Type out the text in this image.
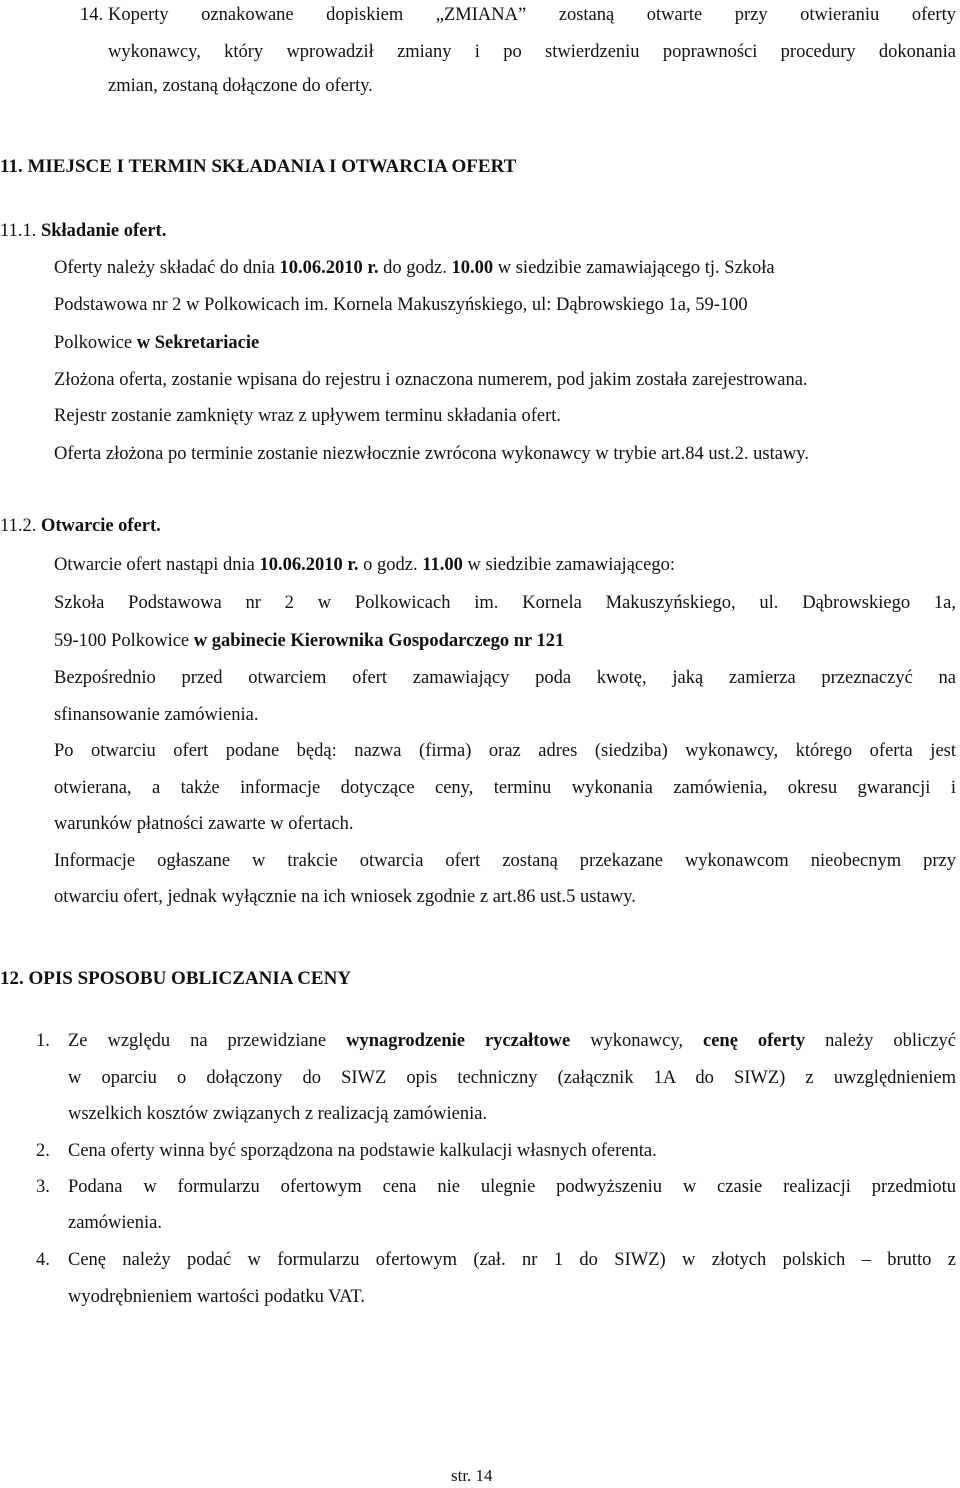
14. Koperty oznakowane dopiskiem „ZMIANA” zostaną otwarte przy otwieraniu oferty
wykonawcy, który wprowadził zmiany i po stwierdzeniu poprawności procedury dokonania
zmian, zostaną dołączone do oferty.
11. MIEJSCE I TERMIN SKŁADANIA I OTWARCIA OFERT
11.1. Składanie ofert.
Oferty należy składać do dnia 10.06.2010 r. do godz. 10.00 w siedzibie zamawiającego tj. Szkoła
Podstawowa nr 2 w Polkowicach im. Kornela Makuszyńskiego, ul: Dąbrowskiego 1a, 59-100
Polkowice w Sekretariacie
Złożona oferta, zostanie wpisana do rejestru i oznaczona numerem, pod jakim została zarejestrowana.
Rejestr zostanie zamknięty wraz z upływem terminu składania ofert.
Oferta złożona po terminie zostanie niezwłocznie zwrócona wykonawcy w trybie art.84 ust.2. ustawy.
11.2. Otwarcie ofert.
Otwarcie ofert nastąpi dnia 10.06.2010 r. o godz. 11.00 w siedzibie zamawiającego:
Szkoła Podstawowa nr 2 w Polkowicach im. Kornela Makuszyńskiego, ul. Dąbrowskiego 1a,
59-100 Polkowice w gabinecie Kierownika Gospodarczego nr 121
Bezpośrednio przed otwarciem ofert zamawiający poda kwotę, jaką zamierza przeznaczyć na
sfinansowanie zamówienia.
Po otwarciu ofert podane będą: nazwa (firma) oraz adres (siedziba) wykonawcy, którego oferta jest
otwierana, a także informacje dotyczące ceny, terminu wykonania zamówienia, okresu gwarancji i
warunków płatności zawarte w ofertach.
Informacje ogłaszane w trakcie otwarcia ofert zostaną przekazane wykonawcom nieobecnym przy
otwarciu ofert, jednak wyłącznie na ich wniosek zgodnie z art.86 ust.5 ustawy.
12. OPIS SPOSOBU OBLICZANIA CENY
1. Ze względu na przewidziane wynagrodzenie ryczałtowe wykonawcy, cenę oferty należy obliczyć
w oparciu o dołączony do SIWZ opis techniczny (załącznik 1A do SIWZ) z uwzględnieniem
wszelkich kosztów związanych z realizacją zamówienia.
2. Cena oferty winna być sporządzona na podstawie kalkulacji własnych oferenta.
3. Podana w formularzu ofertowym cena nie ulegnie podwyższeniu w czasie realizacji przedmiotu
zamówienia.
4. Cenę należy podać w formularzu ofertowym (zał. nr 1 do SIWZ) w złotych polskich – brutto z
wyodrębnieniem wartości podatku VAT.
str. 14
